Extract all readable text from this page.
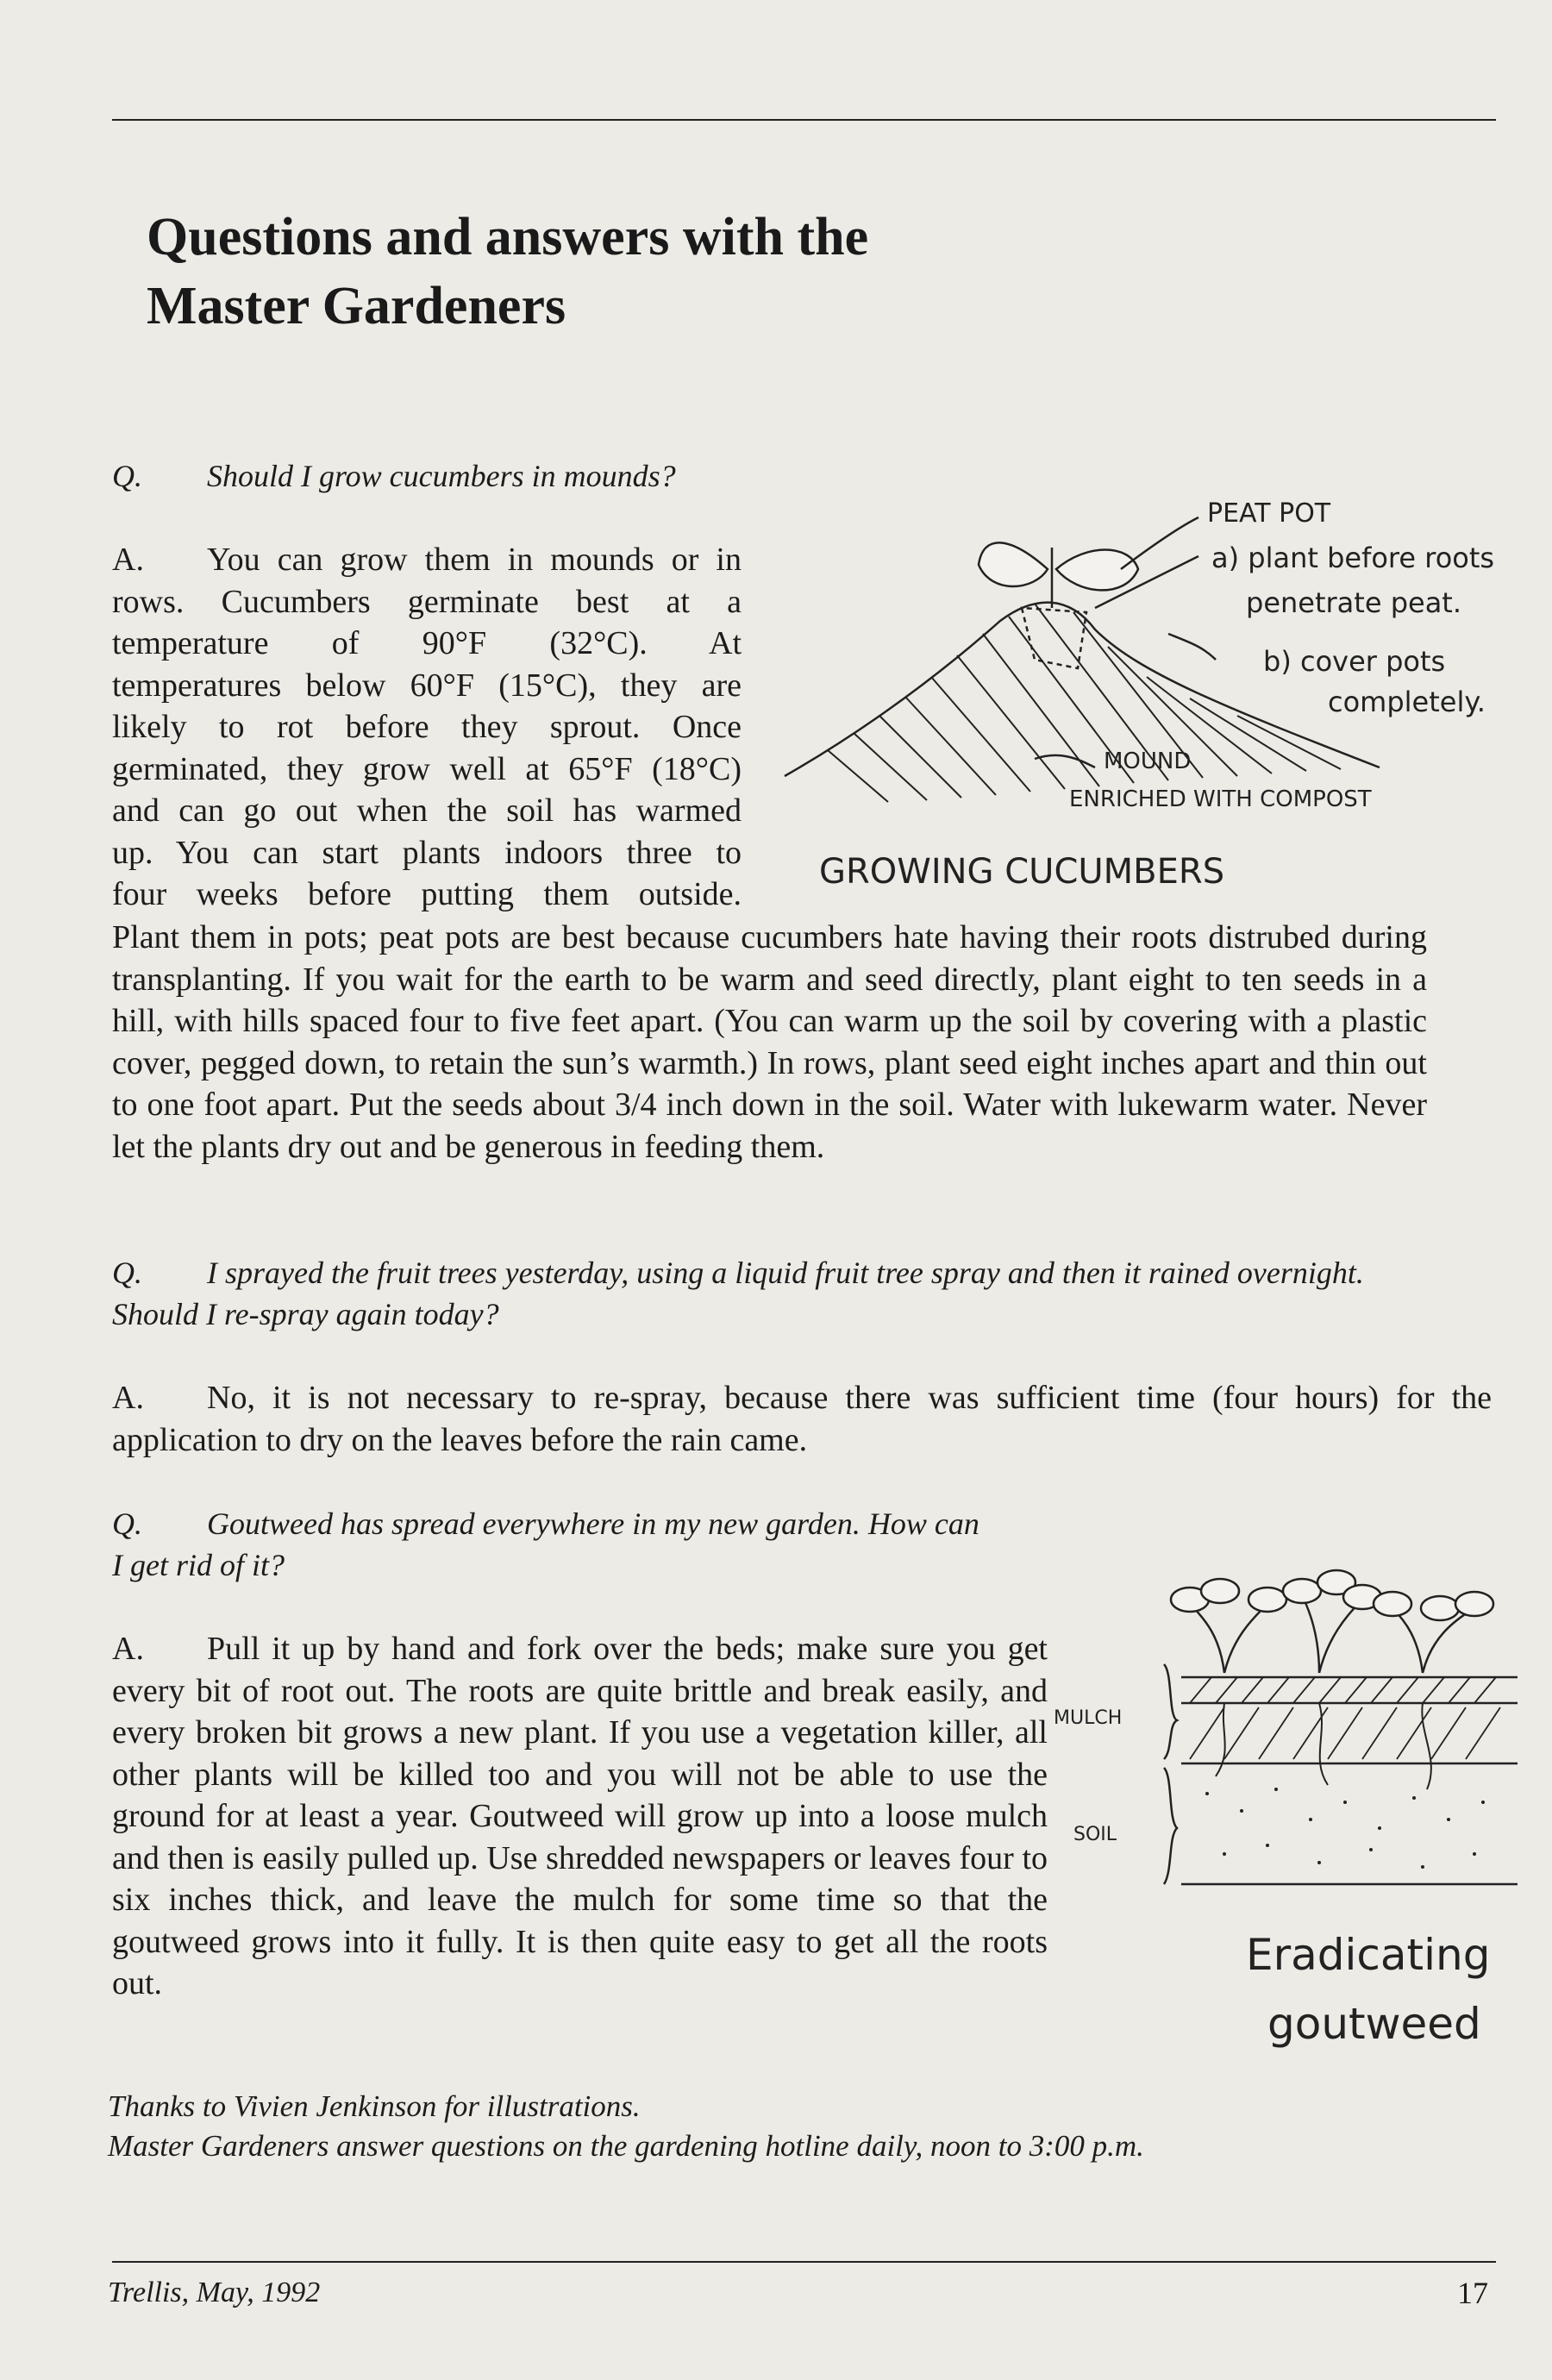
Questions and answers with the Master Gardeners
Q. Should I grow cucumbers in mounds?
A. You can grow them in mounds or in
rows. Cucumbers germinate best at a
temperature of 90°F (32°C). At
temperatures below 60°F (15°C), they are
likely to rot before they sprout. Once
germinated, they grow well at 65°F (18°C)
and can go out when the soil has warmed
up. You can start plants indoors three to
four weeks before putting them outside.
Plant them in pots; peat pots are best because cucumbers hate having their roots distrubed during transplanting. If you wait for the earth to be warm and seed directly, plant eight to ten seeds in a hill, with hills spaced four to five feet apart. (You can warm up the soil by covering with a plastic cover, pegged down, to retain the sun’s warmth.) In rows, plant seed eight inches apart and thin out to one foot apart. Put the seeds about 3/4 inch down in the soil. Water with lukewarm water. Never let the plants dry out and be generous in feeding them.
PEAT POT
a) plant before roots
penetrate peat.
b) cover pots
completely.
MOUND
ENRICHED WITH COMPOST
GROWING CUCUMBERS
Q. I sprayed the fruit trees yesterday, using a liquid fruit tree spray and then it rained overnight.
Should I re-spray again today?
A. No, it is not necessary to re-spray, because there was sufficient time (four hours) for the application to dry on the leaves before the rain came.
Q. Goutweed has spread everywhere in my new garden. How can
I get rid of it?
A. Pull it up by hand and fork over the beds; make sure you get every bit of root out. The roots are quite brittle and break easily, and every broken bit grows a new plant. If you use a vegetation killer, all other plants will be killed too and you will not be able to use the ground for at least a year. Goutweed will grow up into a loose mulch and then is easily pulled up. Use shredded newspapers or leaves four to six inches thick, and leave the mulch for some time so that the goutweed grows into it fully. It is then quite easy to get all the roots out.
MULCH
SOIL
Eradicating
goutweed
Thanks to Vivien Jenkinson for illustrations.
Master Gardeners answer questions on the gardening hotline daily, noon to 3:00 p.m.
Trellis, May, 1992	17
